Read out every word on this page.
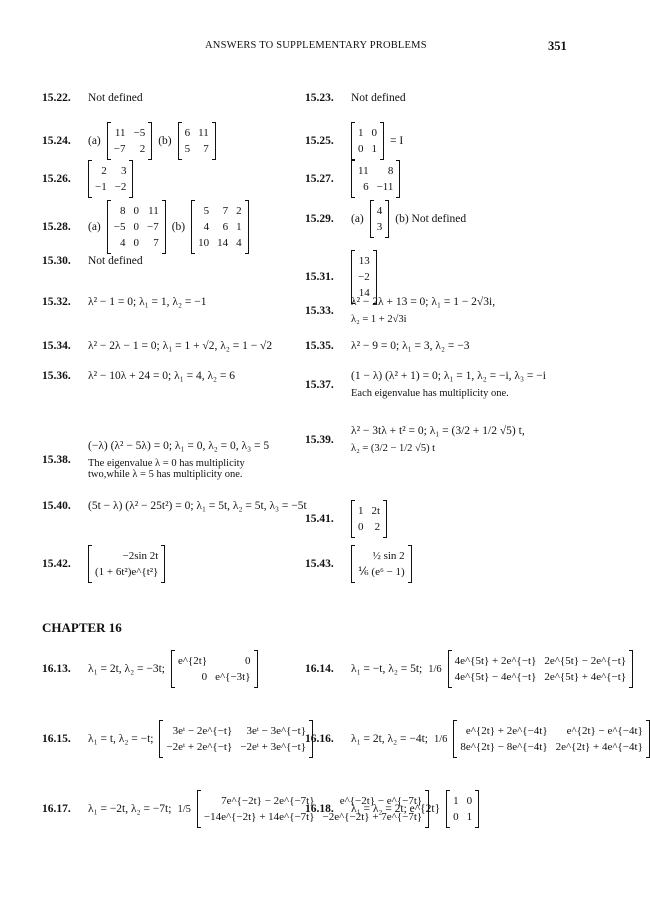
ANSWERS TO SUPPLEMENTARY PROBLEMS	351
15.22.	Not defined
15.24.	(a)
11	−5
−7	2

(b)
6	11
5	7

15.26.
2	3
−1	−2

15.28.	(a)
8	0	11
−5	0	−7
4	0	7

(b)
5	7	2
4	6	1
10	14	4

15.30.	Not defined
15.32.	λ² − 1 = 0; λ₁ = 1, λ₂ = −1
15.34.	λ² − 2λ − 1 = 0; λ₁ = 1 + √2, λ₂ = 1 − √2
15.36.	λ² − 10λ + 24 = 0; λ₁ = 4, λ₂ = 6
15.38.
(−λ) (λ² − 5λ) = 0; λ₁ = 0, λ₂ = 0, λ₃ = 5
The eigenvalue λ = 0 has multiplicity
two,while λ = 5 has multiplicity one.
15.40.	(5t − λ) (λ² − 25t²) = 0; λ₁ = 5t, λ₂ = 5t, λ₃ = −5t
15.42.
−2sin 2t
(1 + 6t²)e^{t²}

15.23.	Not defined
15.25.
1	0
0	1

= I
15.27.
11	8
6	−11

15.29.	(a)
4
3

(b) Not defined
15.31.
13
−2
14

15.33.
λ² − 2λ + 13 = 0; λ₁ = 1 − 2√3i,
λ₂ = 1 + 2√3i
15.35.	λ² − 9 = 0; λ₁ = 3, λ₂ = −3
15.37.
(1 − λ) (λ² + 1) = 0; λ₁ = 1, λ₂ = −i, λ₃ = −i
Each eigenvalue has multiplicity one.
15.39.
λ² − 3tλ + t² = 0; λ₁ = (3/2 + 1/2 √5) t,
λ₂ = (3/2 − 1/2 √5) t
15.41.
1	2t
0	2

15.43.
½ sin 2
⅙ (e⁶ − 1)

16.13.	λ₁ = 2t, λ₂ = −3t;
e^{2t}	0
0	e^{−3t}

16.14.	λ₁ = −t, λ₂ = 5t; 1/6
4e^{5t} + 2e^{−t}	2e^{5t} − 2e^{−t}
4e^{5t} − 4e^{−t}	2e^{5t} + 4e^{−t}

16.15.	λ₁ = t, λ₂ = −t;
3eᵗ − 2e^{−t}	3eᵗ − 3e^{−t}
−2eᵗ + 2e^{−t}	−2eᵗ + 3e^{−t}

16.16.	λ₁ = 2t, λ₂ = −4t; 1/6
e^{2t} + 2e^{−4t}	e^{2t} − e^{−4t}
8e^{2t} − 8e^{−4t}	2e^{2t} + 4e^{−4t}

16.17.	λ₁ = −2t, λ₂ = −7t; 1/5
7e^{−2t} − 2e^{−7t}	e^{−2t} − e^{−7t}
−14e^{−2t} + 14e^{−7t}	−2e^{−2t} + 7e^{−7t}

16.18.	λ₁ = λ₂ = 2t; e^{2t}
1	0
0	1

CHAPTER 16
